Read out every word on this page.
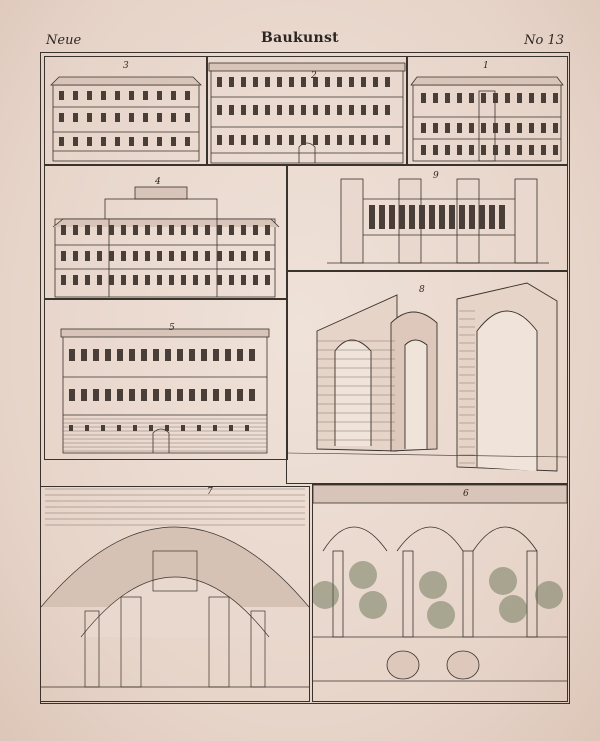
Neue	Baukunst	No 13
3
2
1
4
9
5
8
7	6
